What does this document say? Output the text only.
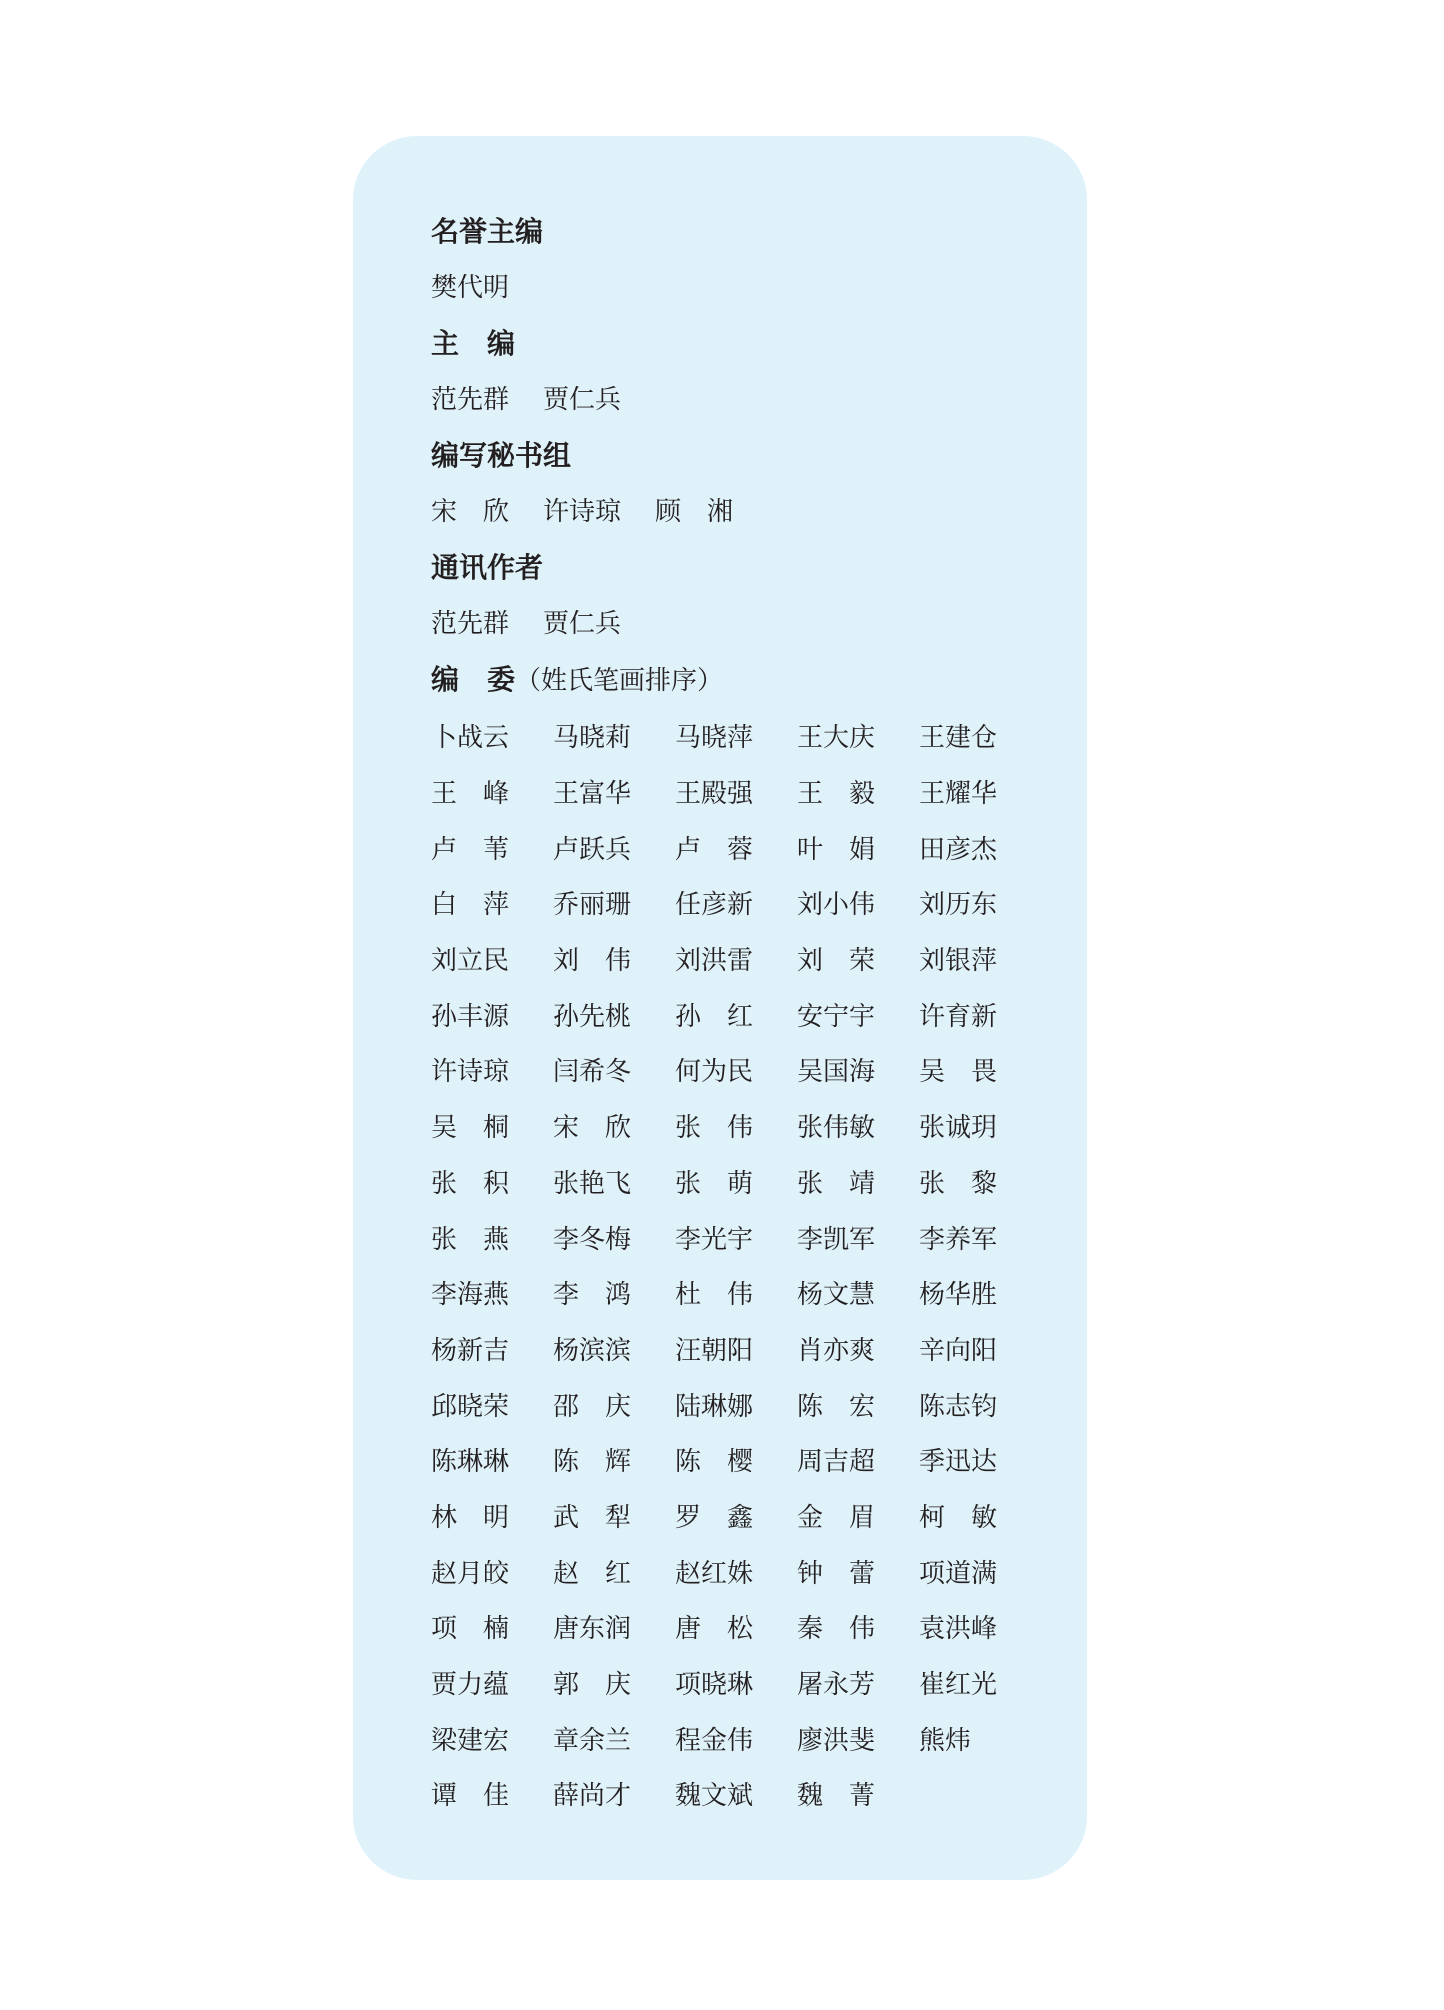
名誉主编
樊代明
主　编
范先群 贾仁兵
编写秘书组
宋　欣 许诗琼 顾　湘
通讯作者
范先群 贾仁兵
编　委（姓氏笔画排序）
卜战云	马晓莉	马晓萍	王大庆	王建仓
王　峰	王富华	王殿强	王　毅	王耀华
卢　苇	卢跃兵	卢　蓉	叶　娟	田彦杰
白　萍	乔丽珊	任彦新	刘小伟	刘历东
刘立民	刘　伟	刘洪雷	刘　荣	刘银萍
孙丰源	孙先桃	孙　红	安宁宇	许育新
许诗琼	闫希冬	何为民	吴国海	吴　畏
吴　桐	宋　欣	张　伟	张伟敏	张诚玥
张　积	张艳飞	张　萌	张　靖	张　黎
张　燕	李冬梅	李光宇	李凯军	李养军
李海燕	李　鸿	杜　伟	杨文慧	杨华胜
杨新吉	杨滨滨	汪朝阳	肖亦爽	辛向阳
邱晓荣	邵　庆	陆琳娜	陈　宏	陈志钧
陈琳琳	陈　辉	陈　樱	周吉超	季迅达
林　明	武　犁	罗　鑫	金　眉	柯　敏
赵月皎	赵　红	赵红姝	钟　蕾	项道满
项　楠	唐东润	唐　松	秦　伟	袁洪峰
贾力蕴	郭　庆	项晓琳	屠永芳	崔红光
梁建宏	章余兰	程金伟	廖洪斐	熊炜
谭　佳	薛尚才	魏文斌	魏　菁
